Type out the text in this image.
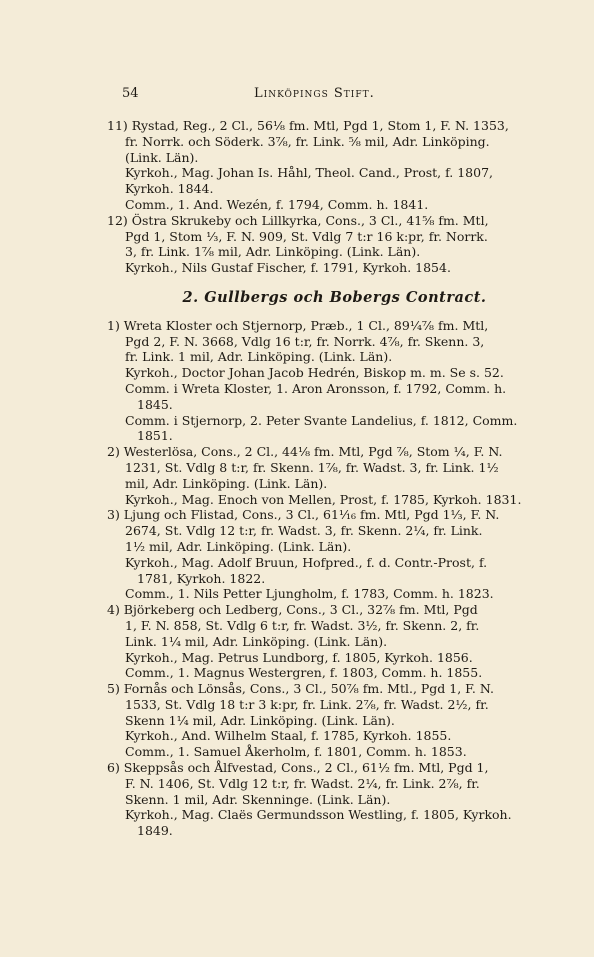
54	Linköpings Stift.
11) Rystad, Reg., 2 Cl., 56⅛ fm. Mtl, Pgd 1, Stom 1, F. N. 1353,
fr. Norrk. och Söderk. 3⅞, fr. Link. ⅝ mil, Adr. Linköping.
(Link. Län).
Kyrkoh., Mag. Johan Is. Håhl, Theol. Cand., Prost, f. 1807,
Kyrkoh. 1844.
Comm., 1. And. Wezén, f. 1794, Comm. h. 1841.
12) Östra Skrukeby och Lillkyrka, Cons., 3 Cl., 41⅝ fm. Mtl,
Pgd 1, Stom ⅓, F. N. 909, St. Vdlg 7 t:r 16 k:pr, fr. Norrk.
3, fr. Link. 1⅞ mil, Adr. Linköping. (Link. Län).
Kyrkoh., Nils Gustaf Fischer, f. 1791, Kyrkoh. 1854.
2. Gullbergs och Bobergs Contract.
1) Wreta Kloster och Stjernorp, Præb., 1 Cl., 89¼⅞ fm. Mtl,
Pgd 2, F. N. 3668, Vdlg 16 t:r, fr. Norrk. 4⅞, fr. Skenn. 3,
fr. Link. 1 mil, Adr. Linköping. (Link. Län).
Kyrkoh., Doctor Johan Jacob Hedrén, Biskop m. m. Se s. 52.
Comm. i Wreta Kloster, 1. Aron Aronsson, f. 1792, Comm. h.
1845.
Comm. i Stjernorp, 2. Peter Svante Landelius, f. 1812, Comm.
1851.
2) Westerlösa, Cons., 2 Cl., 44⅛ fm. Mtl, Pgd ⅞, Stom ¼, F. N.
1231, St. Vdlg 8 t:r, fr. Skenn. 1⅞, fr. Wadst. 3, fr. Link. 1½
mil, Adr. Linköping. (Link. Län).
Kyrkoh., Mag. Enoch von Mellen, Prost, f. 1785, Kyrkoh. 1831.
3) Ljung och Flistad, Cons., 3 Cl., 61⅟₁₆ fm. Mtl, Pgd 1⅓, F. N.
2674, St. Vdlg 12 t:r, fr. Wadst. 3, fr. Skenn. 2¼, fr. Link.
1½ mil, Adr. Linköping. (Link. Län).
Kyrkoh., Mag. Adolf Bruun, Hofpred., f. d. Contr.-Prost, f.
1781, Kyrkoh. 1822.
Comm., 1. Nils Petter Ljungholm, f. 1783, Comm. h. 1823.
4) Björkeberg och Ledberg, Cons., 3 Cl., 32⅞ fm. Mtl, Pgd
1, F. N. 858, St. Vdlg 6 t:r, fr. Wadst. 3½, fr. Skenn. 2, fr.
Link. 1¼ mil, Adr. Linköping. (Link. Län).
Kyrkoh., Mag. Petrus Lundborg, f. 1805, Kyrkoh. 1856.
Comm., 1. Magnus Westergren, f. 1803, Comm. h. 1855.
5) Fornås och Lönsås, Cons., 3 Cl., 50⅞ fm. Mtl., Pgd 1, F. N.
1533, St. Vdlg 18 t:r 3 k:pr, fr. Link. 2⅞, fr. Wadst. 2½, fr.
Skenn 1¼ mil, Adr. Linköping. (Link. Län).
Kyrkoh., And. Wilhelm Staal, f. 1785, Kyrkoh. 1855.
Comm., 1. Samuel Åkerholm, f. 1801, Comm. h. 1853.
6) Skeppsås och Ålfvestad, Cons., 2 Cl., 61½ fm. Mtl, Pgd 1,
F. N. 1406, St. Vdlg 12 t:r, fr. Wadst. 2¼, fr. Link. 2⅞, fr.
Skenn. 1 mil, Adr. Skenninge. (Link. Län).
Kyrkoh., Mag. Claës Germundsson Westling, f. 1805, Kyrkoh.
1849.
